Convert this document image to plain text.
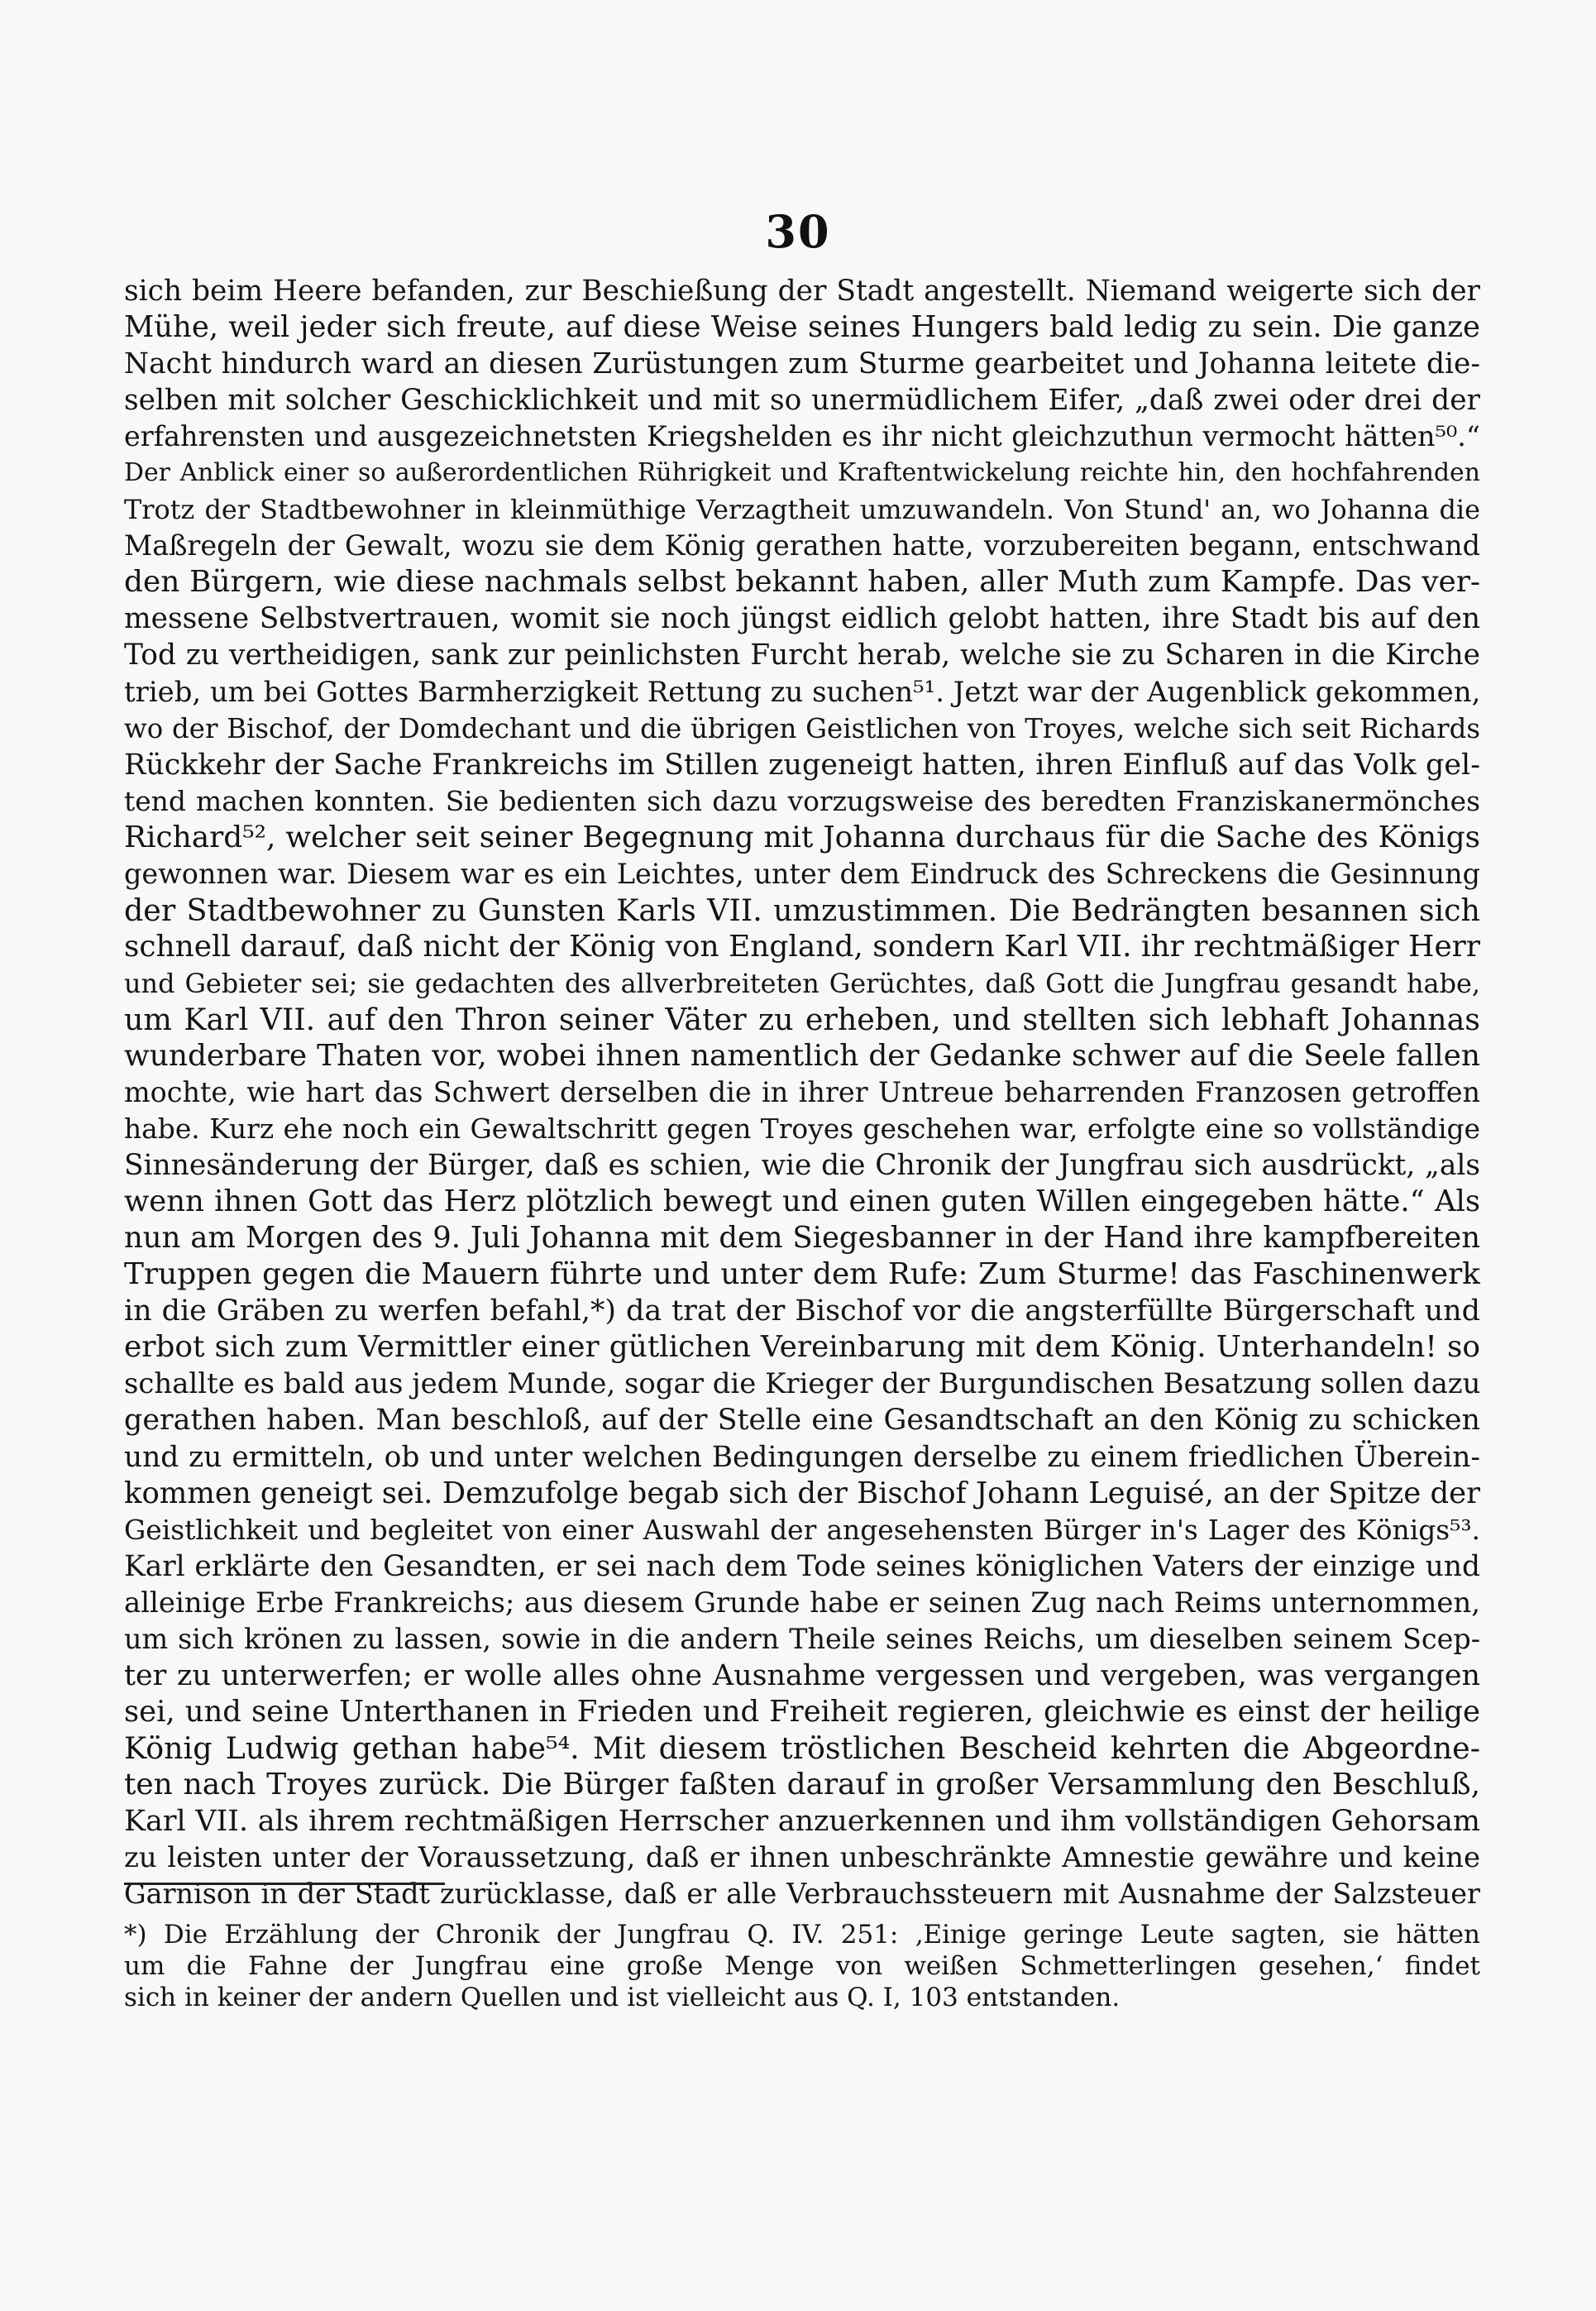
30
sich beim Heere befanden, zur Beschießung der Stadt angestellt. Niemand weigerte sich der
Mühe, weil jeder sich freute, auf diese Weise seines Hungers bald ledig zu sein. Die ganze
Nacht hindurch ward an diesen Zurüstungen zum Sturme gearbeitet und Johanna leitete die-
selben mit solcher Geschicklichkeit und mit so unermüdlichem Eifer, „daß zwei oder drei der
erfahrensten und ausgezeichnetsten Kriegshelden es ihr nicht gleichzuthun vermocht hätten⁵⁰.“
Der Anblick einer so außerordentlichen Rührigkeit und Kraftentwickelung reichte hin, den hochfahrenden
Trotz der Stadtbewohner in kleinmüthige Verzagtheit umzuwandeln. Von Stund' an, wo Johanna die
Maßregeln der Gewalt, wozu sie dem König gerathen hatte, vorzubereiten begann, entschwand
den Bürgern, wie diese nachmals selbst bekannt haben, aller Muth zum Kampfe. Das ver-
messene Selbstvertrauen, womit sie noch jüngst eidlich gelobt hatten, ihre Stadt bis auf den
Tod zu vertheidigen, sank zur peinlichsten Furcht herab, welche sie zu Scharen in die Kirche
trieb, um bei Gottes Barmherzigkeit Rettung zu suchen⁵¹. Jetzt war der Augenblick gekommen,
wo der Bischof, der Domdechant und die übrigen Geistlichen von Troyes, welche sich seit Richards
Rückkehr der Sache Frankreichs im Stillen zugeneigt hatten, ihren Einfluß auf das Volk gel-
tend machen konnten. Sie bedienten sich dazu vorzugsweise des beredten Franziskanermönches
Richard⁵², welcher seit seiner Begegnung mit Johanna durchaus für die Sache des Königs
gewonnen war. Diesem war es ein Leichtes, unter dem Eindruck des Schreckens die Gesinnung
der Stadtbewohner zu Gunsten Karls VII. umzustimmen. Die Bedrängten besannen sich
schnell darauf, daß nicht der König von England, sondern Karl VII. ihr rechtmäßiger Herr
und Gebieter sei; sie gedachten des allverbreiteten Gerüchtes, daß Gott die Jungfrau gesandt habe,
um Karl VII. auf den Thron seiner Väter zu erheben, und stellten sich lebhaft Johannas
wunderbare Thaten vor, wobei ihnen namentlich der Gedanke schwer auf die Seele fallen
mochte, wie hart das Schwert derselben die in ihrer Untreue beharrenden Franzosen getroffen
habe. Kurz ehe noch ein Gewaltschritt gegen Troyes geschehen war, erfolgte eine so vollständige
Sinnesänderung der Bürger, daß es schien, wie die Chronik der Jungfrau sich ausdrückt, „als
wenn ihnen Gott das Herz plötzlich bewegt und einen guten Willen eingegeben hätte.“ Als
nun am Morgen des 9. Juli Johanna mit dem Siegesbanner in der Hand ihre kampfbereiten
Truppen gegen die Mauern führte und unter dem Rufe: Zum Sturme! das Faschinenwerk
in die Gräben zu werfen befahl,*) da trat der Bischof vor die angsterfüllte Bürgerschaft und
erbot sich zum Vermittler einer gütlichen Vereinbarung mit dem König. Unterhandeln! so
schallte es bald aus jedem Munde, sogar die Krieger der Burgundischen Besatzung sollen dazu
gerathen haben. Man beschloß, auf der Stelle eine Gesandtschaft an den König zu schicken
und zu ermitteln, ob und unter welchen Bedingungen derselbe zu einem friedlichen Überein-
kommen geneigt sei. Demzufolge begab sich der Bischof Johann Leguisé, an der Spitze der
Geistlichkeit und begleitet von einer Auswahl der angesehensten Bürger in's Lager des Königs⁵³.
Karl erklärte den Gesandten, er sei nach dem Tode seines königlichen Vaters der einzige und
alleinige Erbe Frankreichs; aus diesem Grunde habe er seinen Zug nach Reims unternommen,
um sich krönen zu lassen, sowie in die andern Theile seines Reichs, um dieselben seinem Scep-
ter zu unterwerfen; er wolle alles ohne Ausnahme vergessen und vergeben, was vergangen
sei, und seine Unterthanen in Frieden und Freiheit regieren, gleichwie es einst der heilige
König Ludwig gethan habe⁵⁴. Mit diesem tröstlichen Bescheid kehrten die Abgeordne-
ten nach Troyes zurück. Die Bürger faßten darauf in großer Versammlung den Beschluß,
Karl VII. als ihrem rechtmäßigen Herrscher anzuerkennen und ihm vollständigen Gehorsam
zu leisten unter der Voraussetzung, daß er ihnen unbeschränkte Amnestie gewähre und keine
Garnison in der Stadt zurücklasse, daß er alle Verbrauchssteuern mit Ausnahme der Salzsteuer
*) Die Erzählung der Chronik der Jungfrau Q. IV. 251: ‚Einige geringe Leute sagten, sie hätten
um die Fahne der Jungfrau eine große Menge von weißen Schmetterlingen gesehen,‘ findet
sich in keiner der andern Quellen und ist vielleicht aus Q. I, 103 entstanden.
